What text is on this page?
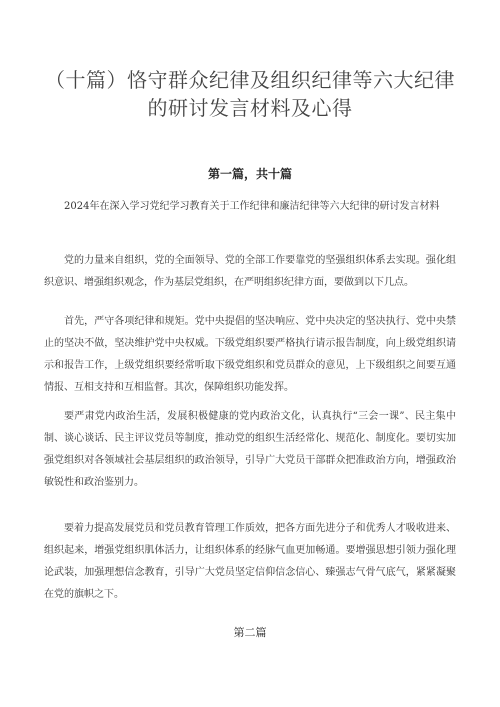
（十篇）恪守群众纪律及组织纪律等六大纪律的研讨发言材料及心得
第一篇，共十篇

2024年在深入学习党纪学习教育关于工作纪律和廉洁纪律等六大纪律的研讨发言材料

党的力量来自组织，党的全面领导、党的全部工作要靠党的坚强组织体系去实现。强化组织意识、增强组织观念，作为基层党组织，在严明组织纪律方面，要做到以下几点。

首先，严守各项纪律和规矩。党中央提倡的坚决响应、党中央决定的坚决执行、党中央禁止的坚决不做，坚决维护党中央权威。下级党组织要严格执行请示报告制度，向上级党组织请示和报告工作，上级党组织要经常听取下级党组织和党员群众的意见，上下级组织之间要互通情报、互相支持和互相监督。其次，保障组织功能发挥。

要严肃党内政治生活，发展积极健康的党内政治文化，认真执行“三会一课”、民主集中制、谈心谈话、民主评议党员等制度，推动党的组织生活经常化、规范化、制度化。要切实加强党组织对各领域社会基层组织的政治领导，引导广大党员干部群众把准政治方向，增强政治敏锐性和政治鉴别力。

要着力提高发展党员和党员教育管理工作质效，把各方面先进分子和优秀人才吸收进来、组织起来，增强党组织肌体活力，让组织体系的经脉气血更加畅通。要增强思想引领力强化理论武装，加强理想信念教育，引导广大党员坚定信仰信念信心、臻强志气骨气底气，紧紧凝聚在党的旗帜之下。

第二篇
